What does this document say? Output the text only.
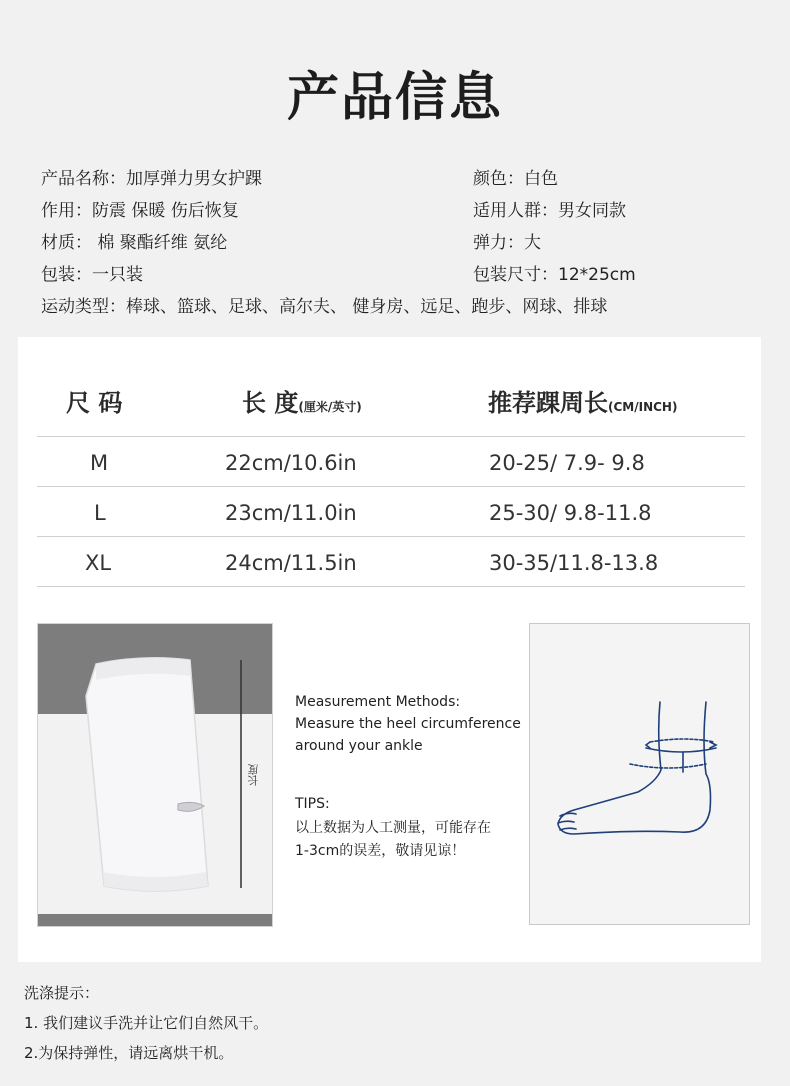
产品信息
产品名称：加厚弹力男女护踝	颜色：白色
作用：防震 保暖 伤后恢复	适用人群：男女同款
材质： 棉 聚酯纤维 氨纶	弹力：大
包装：一只装	包装尺寸：12*25cm
运动类型：棒球、篮球、足球、高尔夫、 健身房、远足、跑步、网球、排球
尺 码	长 度(厘米/英寸)	推荐踝周长(CM/INCH)
M	22cm/10.6in	20-25/ 7.9- 9.8
L	23cm/11.0in	25-30/ 9.8-11.8
XL	24cm/11.5in	30-35/11.8-13.8
长度
Measurement Methods:
Measure the heel circumference
around your ankle
TIPS:
以上数据为人工测量，可能存在
1-3cm的误差，敬请见谅！
洗涤提示：
1. 我们建议手洗并让它们自然风干。
2.为保持弹性，请远离烘干机。
